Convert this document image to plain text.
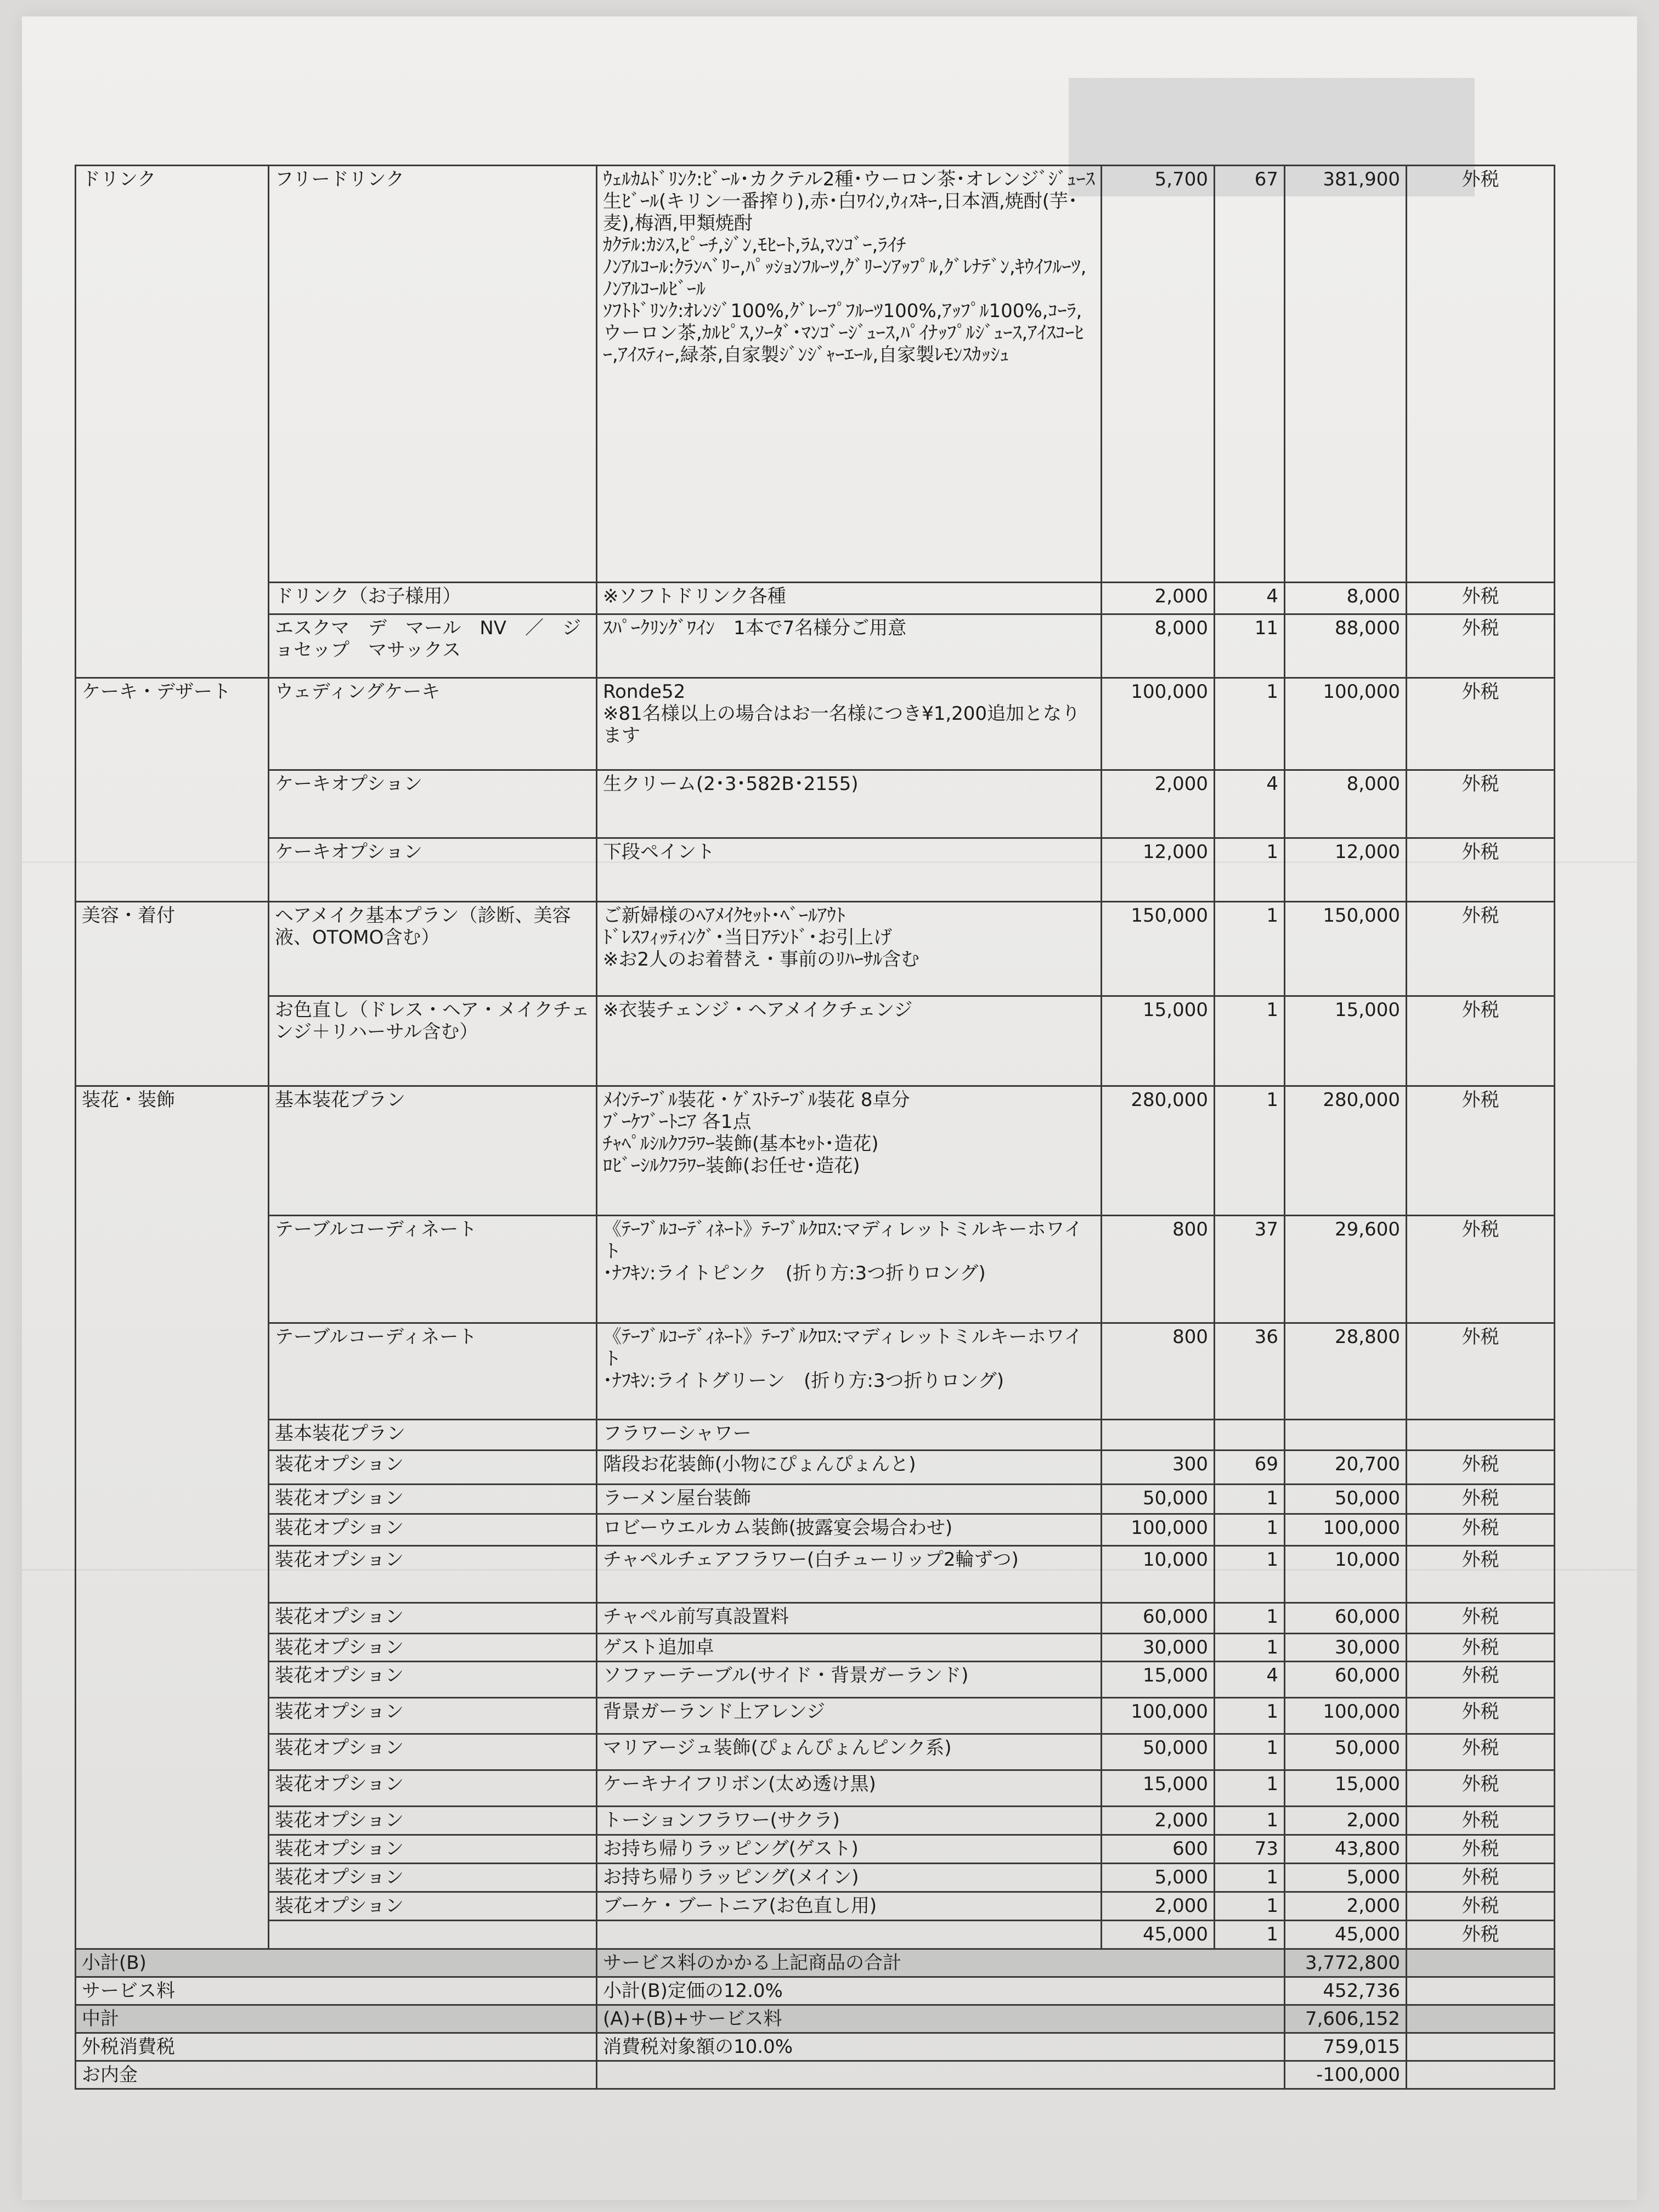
ドリンク	フリードリンク	ｳｪﾙｶﾑﾄﾞﾘﾝｸ:ﾋﾞｰﾙ･カクテル2種･ウーロン茶･オレンジﾞｼﾞｭｰｽ
生ﾋﾞｰﾙ(キリン一番搾り),赤･白ﾜｲﾝ,ｳｨｽｷｰ,日本酒,焼酎(芋･麦),梅酒,甲類焼酎
ｶｸﾃﾙ:ｶｼｽ,ﾋﾟｰﾁ,ｼﾞﾝ,ﾓﾋｰﾄ,ﾗﾑ,ﾏﾝｺﾞｰ,ﾗｲﾁ
ﾉﾝｱﾙｺｰﾙ:ｸﾗﾝﾍﾞﾘｰ,ﾊﾟｯｼｮﾝﾌﾙｰﾂ,ｸﾞﾘｰﾝｱｯﾌﾟﾙ,ｸﾞﾚﾅﾃﾞﾝ,ｷｳｲﾌﾙｰﾂ,ﾉﾝｱﾙｺｰﾙﾋﾞｰﾙ
ｿﾌﾄﾄﾞﾘﾝｸ:ｵﾚﾝｼﾞ100%,ｸﾞﾚｰﾌﾟﾌﾙｰﾂ100%,ｱｯﾌﾟﾙ100%,ｺｰﾗ,ウーロン茶,ｶﾙﾋﾟｽ,ｿｰﾀﾞ･ﾏﾝｺﾞｰｼﾞｭｰｽ,ﾊﾟｲﾅｯﾌﾟﾙｼﾞｭｰｽ,ｱｲｽｺｰﾋｰ,ｱｲｽﾃｨｰ,緑茶,自家製ｼﾞﾝｼﾞｬｰｴｰﾙ,自家製ﾚﾓﾝｽｶｯｼｭ	5,700	67	381,900	外税
	ドリンク（お子様用）	※ソフトドリンク各種	2,000	4	8,000	外税
	エスクマ　デ　マール　NV　／　ジョセップ　マサックス	ｽﾊﾟｰｸﾘﾝｸﾞﾜｲﾝ　1本で7名様分ご用意	8,000	11	88,000	外税
ケーキ・デザート	ウェディングケーキ	Ronde52
※81名様以上の場合はお一名様につき¥1,200追加となります	100,000	1	100,000	外税
	ケーキオプション	生クリーム(2･3･582B･2155)	2,000	4	8,000	外税
	ケーキオプション	下段ペイント	12,000	1	12,000	外税
美容・着付	ヘアメイク基本プラン（診断、美容液、OTOMO含む）	ご新婦様のﾍｱﾒｲｸｾｯﾄ･ﾍﾞｰﾙｱｳﾄ
ﾄﾞﾚｽﾌｨｯﾃｨﾝｸﾞ･当日ｱﾃﾝﾄﾞ･お引上げ
※お2人のお着替え・事前のﾘﾊｰｻﾙ含む	150,000	1	150,000	外税
	お色直し（ドレス・ヘア・メイクチェンジ＋リハーサル含む）	※衣装チェンジ・ヘアメイクチェンジ	15,000	1	15,000	外税
装花・装飾	基本装花プラン	ﾒｲﾝﾃｰﾌﾞﾙ装花・ｹﾞｽﾄﾃｰﾌﾞﾙ装花 8卓分
ﾌﾞｰｹﾌﾞｰﾄﾆｱ 各1点
ﾁｬﾍﾟﾙｼﾙｸﾌﾗﾜｰ装飾(基本ｾｯﾄ･造花)
ﾛﾋﾞｰｼﾙｸﾌﾗﾜｰ装飾(お任せ･造花)	280,000	1	280,000	外税
	テーブルコーディネート	《ﾃｰﾌﾞﾙｺｰﾃﾞｨﾈｰﾄ》ﾃｰﾌﾞﾙｸﾛｽ:マディレットミルキーホワイト
･ﾅﾌｷﾝ:ライトピンク　(折り方:3つ折りロング)	800	37	29,600	外税
	テーブルコーディネート	《ﾃｰﾌﾞﾙｺｰﾃﾞｨﾈｰﾄ》ﾃｰﾌﾞﾙｸﾛｽ:マディレットミルキーホワイト
･ﾅﾌｷﾝ:ライトグリーン　(折り方:3つ折りロング)	800	36	28,800	外税
	基本装花プラン	フラワーシャワー				
	装花オプション	階段お花装飾(小物にぴょんぴょんと)	300	69	20,700	外税
	装花オプション	ラーメン屋台装飾	50,000	1	50,000	外税
	装花オプション	ロビーウエルカム装飾(披露宴会場合わせ)	100,000	1	100,000	外税
	装花オプション	チャペルチェアフラワー(白チューリップ2輪ずつ)	10,000	1	10,000	外税
	装花オプション	チャペル前写真設置料	60,000	1	60,000	外税
	装花オプション	ゲスト追加卓	30,000	1	30,000	外税
	装花オプション	ソファーテーブル(サイド・背景ガーランド)	15,000	4	60,000	外税
	装花オプション	背景ガーランド上アレンジ	100,000	1	100,000	外税
	装花オプション	マリアージュ装飾(ぴょんぴょんピンク系)	50,000	1	50,000	外税
	装花オプション	ケーキナイフリボン(太め透け黒)	15,000	1	15,000	外税
	装花オプション	トーションフラワー(サクラ)	2,000	1	2,000	外税
	装花オプション	お持ち帰りラッピング(ゲスト)	600	73	43,800	外税
	装花オプション	お持ち帰りラッピング(メイン)	5,000	1	5,000	外税
	装花オプション	ブーケ・ブートニア(お色直し用)	2,000	1	2,000	外税
			45,000	1	45,000	外税
小計(B)		サービス料のかかる上記商品の合計			3,772,800	
サービス料		小計(B)定価の12.0%			452,736	
中計		(A)+(B)+サービス料			7,606,152	
外税消費税		消費税対象額の10.0%			759,015	
お内金					-100,000	
